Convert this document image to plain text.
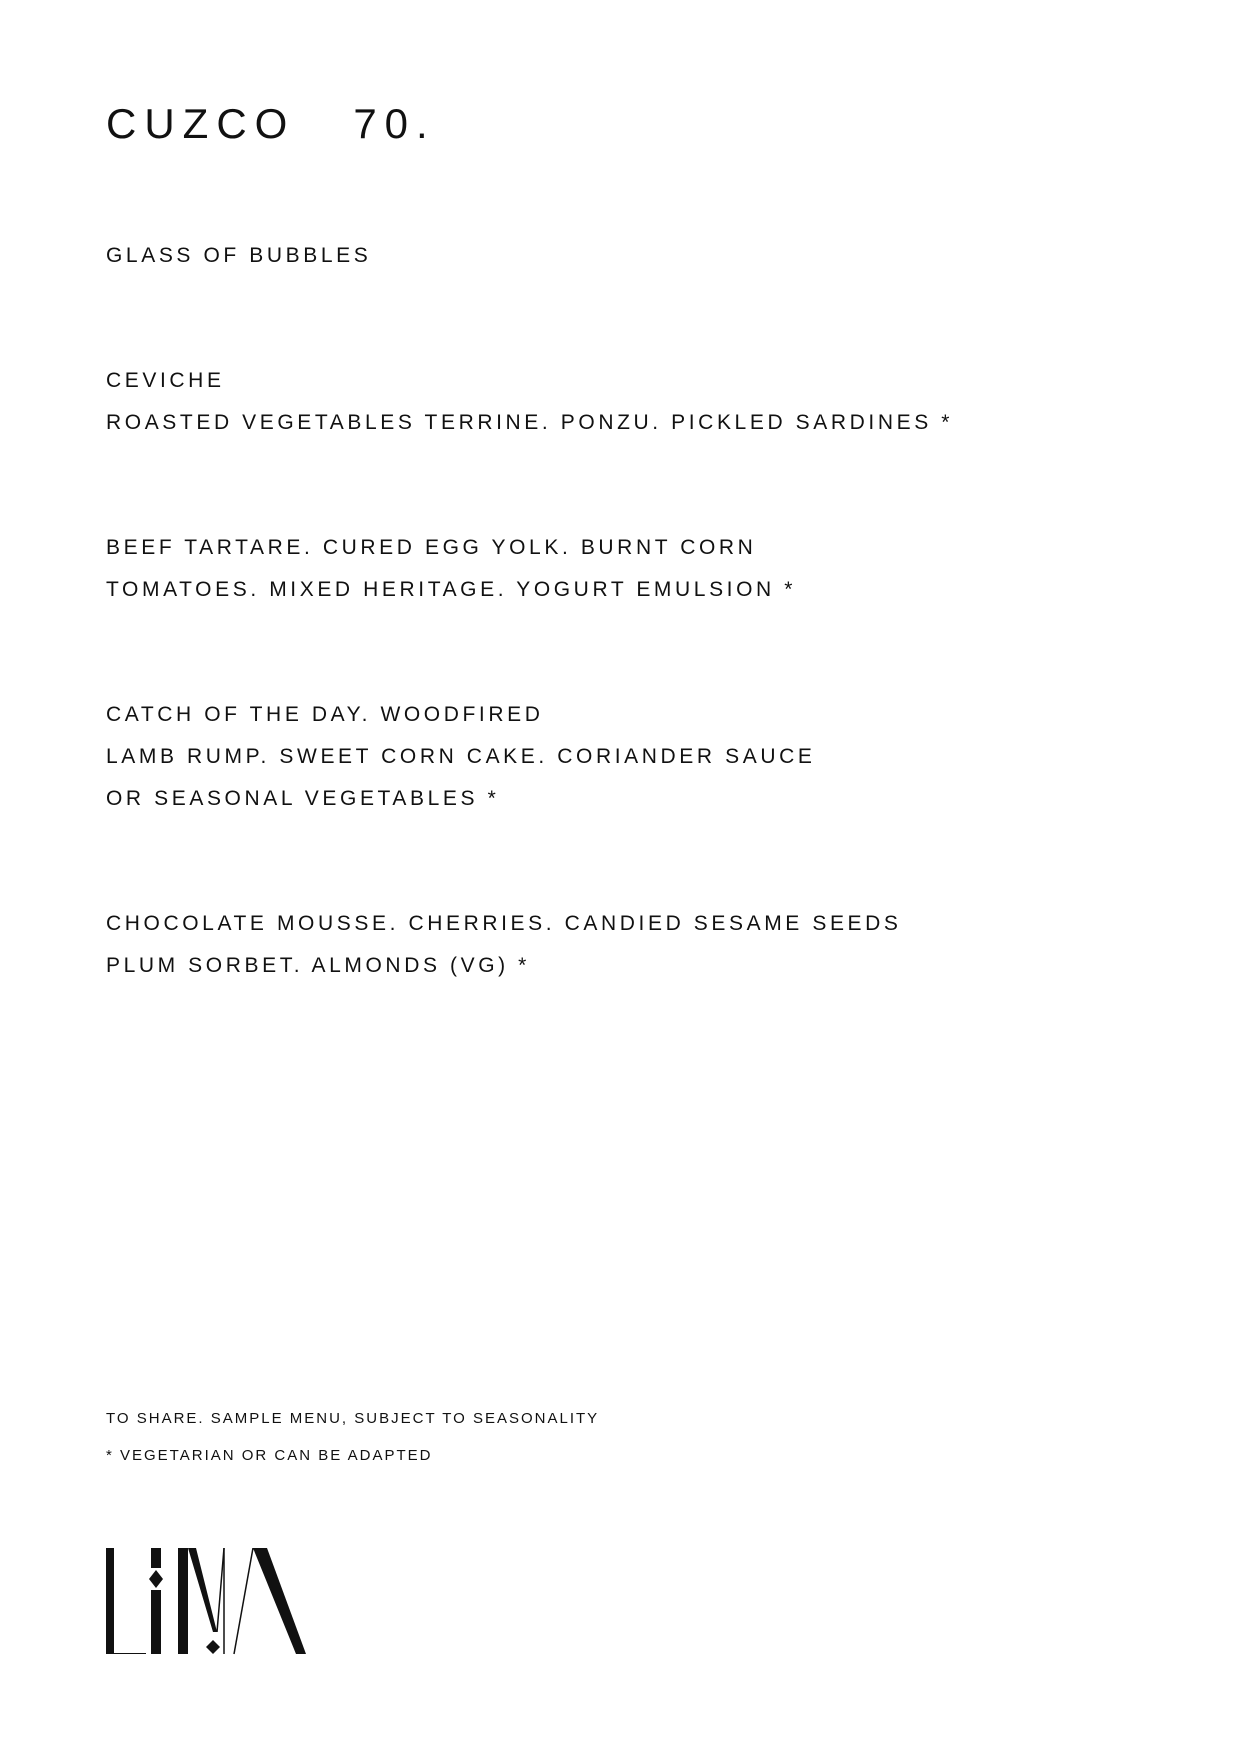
CUZCO 70.
GLASS OF BUBBLES
CEVICHE
ROASTED VEGETABLES TERRINE. PONZU. PICKLED SARDINES *
BEEF TARTARE. CURED EGG YOLK. BURNT CORN
TOMATOES. MIXED HERITAGE. YOGURT EMULSION *
CATCH OF THE DAY. WOODFIRED
LAMB RUMP. SWEET CORN CAKE. CORIANDER SAUCE
OR SEASONAL VEGETABLES *
CHOCOLATE MOUSSE. CHERRIES. CANDIED SESAME SEEDS
PLUM SORBET. ALMONDS (VG) *
TO SHARE. SAMPLE MENU, SUBJECT TO SEASONALITY
* VEGETARIAN OR CAN BE ADAPTED
